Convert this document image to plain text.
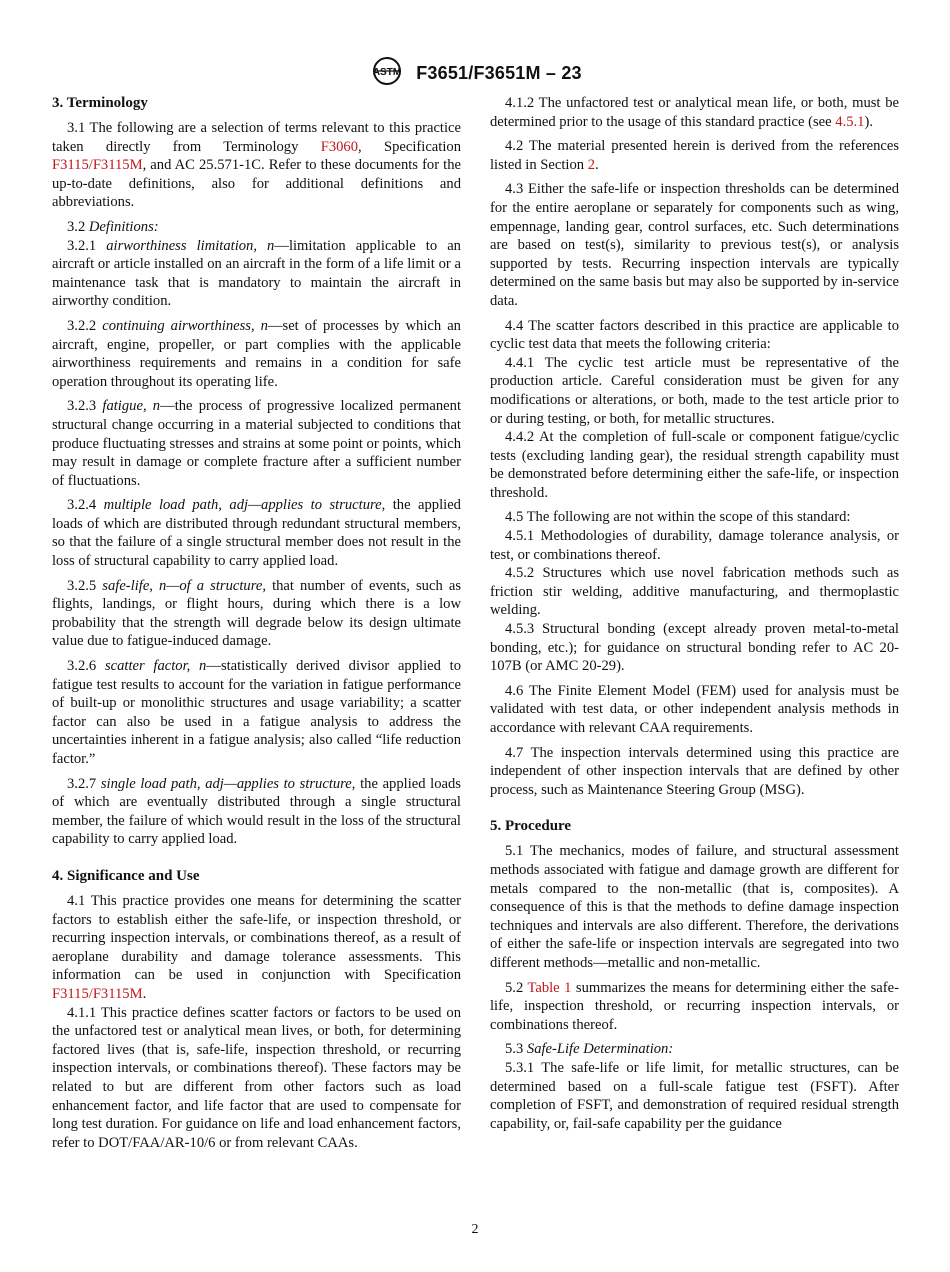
ASTM F3651/F3651M – 23
3. Terminology

3.1 The following are a selection of terms relevant to this practice taken directly from Terminology F3060, Specification F3115/F3115M, and AC 25.571-1C. Refer to these documents for the up-to-date definitions, also for additional definitions and abbreviations.

3.2 Definitions:

3.2.1 airworthiness limitation, n—limitation applicable to an aircraft or article installed on an aircraft in the form of a life limit or a maintenance task that is mandatory to maintain the aircraft in airworthy condition.

3.2.2 continuing airworthiness, n—set of processes by which an aircraft, engine, propeller, or part complies with the applicable airworthiness requirements and remains in a condition for safe operation throughout its operating life.

3.2.3 fatigue, n—the process of progressive localized permanent structural change occurring in a material subjected to conditions that produce fluctuating stresses and strains at some point or points, which may result in damage or complete fracture after a sufficient number of fluctuations.

3.2.4 multiple load path, adj—applies to structure, the applied loads of which are distributed through redundant structural members, so that the failure of a single structural member does not result in the loss of structural capability to carry applied load.

3.2.5 safe-life, n—of a structure, that number of events, such as flights, landings, or flight hours, during which there is a low probability that the strength will degrade below its design ultimate value due to fatigue-induced damage.

3.2.6 scatter factor, n—statistically derived divisor applied to fatigue test results to account for the variation in fatigue performance of built-up or monolithic structures and usage variability; a scatter factor can also be used in a fatigue analysis to address the uncertainties inherent in a fatigue analysis; also called “life reduction factor.”

3.2.7 single load path, adj—applies to structure, the applied loads of which are eventually distributed through a single structural member, the failure of which would result in the loss of the structural capability to carry applied load.

4. Significance and Use

4.1 This practice provides one means for determining the scatter factors to establish either the safe-life, or inspection threshold, or recurring inspection intervals, or combinations thereof, as a result of aeroplane durability and damage tolerance assessments. This information can be used in conjunction with Specification F3115/F3115M.

4.1.1 This practice defines scatter factors or factors to be used on the unfactored test or analytical mean lives, or both, for determining factored lives (that is, safe-life, inspection threshold, or recurring inspection intervals, or combinations thereof). These factors may be related to but are different from other factors such as load enhancement factor, and life factor that are used to compensate for long test duration. For guidance on life and load enhancement factors, refer to DOT/FAA/AR-10/6 or from relevant CAAs.

4.1.2 The unfactored test or analytical mean life, or both, must be determined prior to the usage of this standard practice (see 4.5.1).

4.2 The material presented herein is derived from the references listed in Section 2.

4.3 Either the safe-life or inspection thresholds can be determined for the entire aeroplane or separately for components such as wing, empennage, landing gear, control surfaces, etc. Such determinations are based on test(s), similarity to previous test(s), or analysis supported by tests. Recurring inspection intervals are typically determined on the same basis but may also be supported by in-service data.

4.4 The scatter factors described in this practice are applicable to cyclic test data that meets the following criteria:

4.4.1 The cyclic test article must be representative of the production article. Careful consideration must be given for any modifications or alterations, or both, made to the test article prior to or during testing, or both, for metallic structures.

4.4.2 At the completion of full-scale or component fatigue/cyclic tests (excluding landing gear), the residual strength capability must be demonstrated before determining either the safe-life, or inspection threshold.

4.5 The following are not within the scope of this standard:

4.5.1 Methodologies of durability, damage tolerance analysis, or test, or combinations thereof.

4.5.2 Structures which use novel fabrication methods such as friction stir welding, additive manufacturing, and thermoplastic welding.

4.5.3 Structural bonding (except already proven metal-to-metal bonding, etc.); for guidance on structural bonding refer to AC 20-107B (or AMC 20-29).

4.6 The Finite Element Model (FEM) used for analysis must be validated with test data, or other independent analysis methods in accordance with relevant CAA requirements.

4.7 The inspection intervals determined using this practice are independent of other inspection intervals that are defined by other process, such as Maintenance Steering Group (MSG).

5. Procedure

5.1 The mechanics, modes of failure, and structural assessment methods associated with fatigue and damage growth are different for metals compared to the non-metallic (that is, composites). A consequence of this is that the methods to define damage inspection techniques and intervals are also different. Therefore, the derivations of either the safe-life or inspection intervals are segregated into two different methods—metallic and non-metallic.

5.2 Table 1 summarizes the means for determining either the safe-life, inspection threshold, or recurring inspection intervals, or combinations thereof.

5.3 Safe-Life Determination:

5.3.1 The safe-life or life limit, for metallic structures, can be determined based on a full-scale fatigue test (FSFT). After completion of FSFT, and demonstration of required residual strength capability, or, fail-safe capability per the guidance

2
